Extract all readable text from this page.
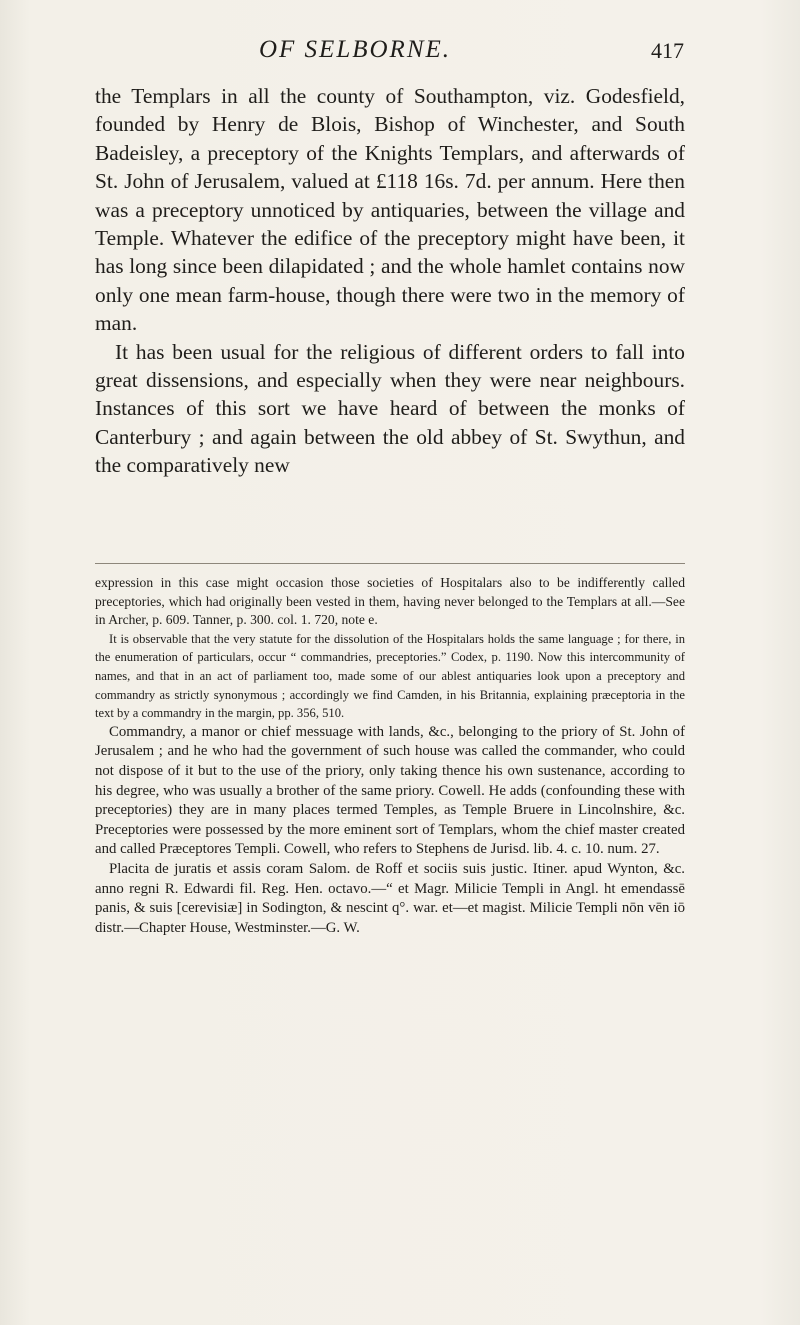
OF SELBORNE.	417

the Templars in all the county of Southampton, viz. Godesfield, founded by Henry de Blois, Bishop of Winchester, and South Badeisley, a preceptory of the Knights Templars, and afterwards of St. John of Jerusalem, valued at £118 16s. 7d. per annum. Here then was a preceptory unnoticed by antiquaries, between the village and Temple. Whatever the edifice of the preceptory might have been, it has long since been dilapidated ; and the whole hamlet contains now only one mean farm-house, though there were two in the memory of man.

It has been usual for the religious of different orders to fall into great dissensions, and especially when they were near neighbours. Instances of this sort we have heard of between the monks of Canterbury ; and again between the old abbey of St. Swythun, and the comparatively new

expression in this case might occasion those societies of Hospitalars also to be indifferently called preceptories, which had originally been vested in them, having never belonged to the Templars at all.—See in Archer, p. 609. Tanner, p. 300. col. 1. 720, note e.

It is observable that the very statute for the dissolution of the Hospitalars holds the same language ; for there, in the enumeration of particulars, occur “ commandries, preceptories.” Codex, p. 1190. Now this intercommunity of names, and that in an act of parliament too, made some of our ablest antiquaries look upon a preceptory and commandry as strictly synonymous ; accordingly we find Camden, in his Britannia, explaining præceptoria in the text by a commandry in the margin, pp. 356, 510.

Commandry, a manor or chief messuage with lands, &c., belonging to the priory of St. John of Jerusalem ; and he who had the government of such house was called the commander, who could not dispose of it but to the use of the priory, only taking thence his own sustenance, according to his degree, who was usually a brother of the same priory. Cowell. He adds (confounding these with preceptories) they are in many places termed Temples, as Temple Bruere in Lincolnshire, &c. Preceptories were possessed by the more eminent sort of Templars, whom the chief master created and called Præceptores Templi. Cowell, who refers to Stephens de Jurisd. lib. 4. c. 10. num. 27.

Placita de juratis et assis coram Salom. de Roff et sociis suis justic. Itiner. apud Wynton, &c. anno regni R. Edwardi fil. Reg. Hen. octavo.—“ et Magr. Milicie Templi in Angl. ht emendassē panis, & suis [cerevisiæ] in Sodington, & nescint q°. war. et—et magist. Milicie Templi nōn vēn iō distr.—Chapter House, Westminster.—G. W.
